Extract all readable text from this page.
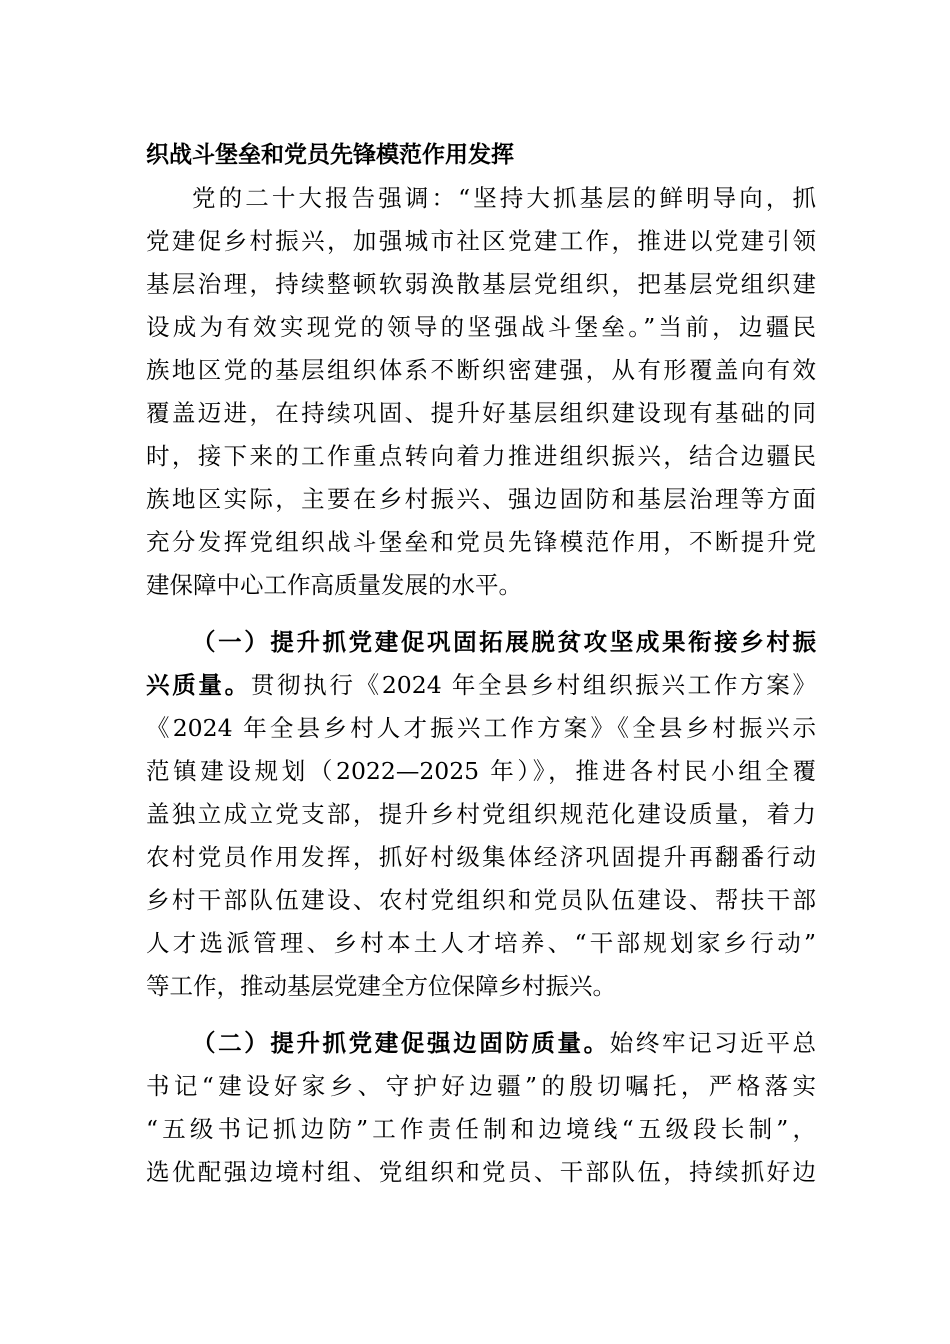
织战斗堡垒和党员先锋模范作用发挥
党的二十大报告强调：“坚持大抓基层的鲜明导向，抓
党建促乡村振兴，加强城市社区党建工作，推进以党建引领
基层治理，持续整顿软弱涣散基层党组织，把基层党组织建
设成为有效实现党的领导的坚强战斗堡垒。”当前，边疆民
族地区党的基层组织体系不断织密建强，从有形覆盖向有效
覆盖迈进，在持续巩固、提升好基层组织建设现有基础的同
时，接下来的工作重点转向着力推进组织振兴，结合边疆民
族地区实际，主要在乡村振兴、强边固防和基层治理等方面
充分发挥党组织战斗堡垒和党员先锋模范作用，不断提升党
建保障中心工作高质量发展的水平。
（一）提升抓党建促巩固拓展脱贫攻坚成果衔接乡村振
兴质量。贯彻执行《2024 年全县乡村组织振兴工作方案》
《2024 年全县乡村人才振兴工作方案》《全县乡村振兴示
范镇建设规划（2022—2025 年）》，推进各村民小组全覆
盖独立成立党支部，提升乡村党组织规范化建设质量，着力
农村党员作用发挥，抓好村级集体经济巩固提升再翻番行动
乡村干部队伍建设、农村党组织和党员队伍建设、帮扶干部
人才选派管理、乡村本土人才培养、“干部规划家乡行动”
等工作，推动基层党建全方位保障乡村振兴。
（二）提升抓党建促强边固防质量。始终牢记习近平总
书记“建设好家乡、守护好边疆”的殷切嘱托，严格落实
“五级书记抓边防”工作责任制和边境线“五级段长制”，
选优配强边境村组、党组织和党员、干部队伍，持续抓好边
